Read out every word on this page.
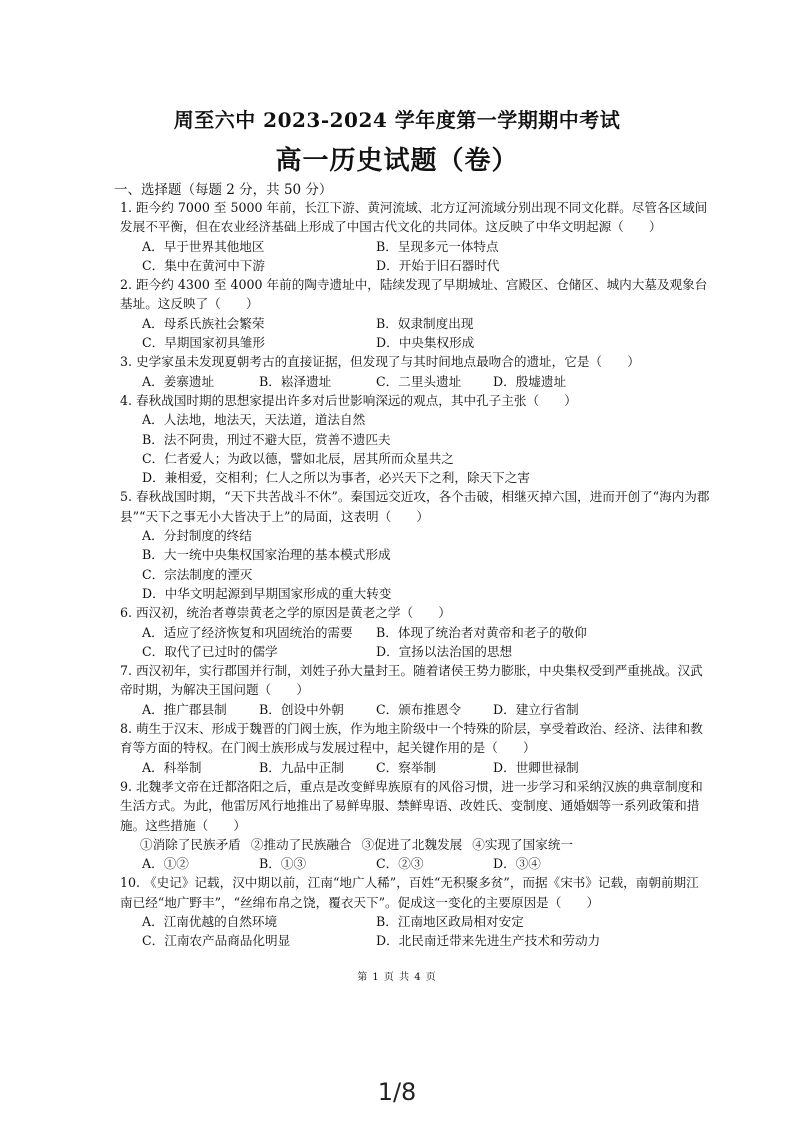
周至六中 2023-2024 学年度第一学期期中考试
高一历史试题（卷）
一、选择题（每题 2 分，共 50 分）
1. 距今约 7000 至 5000 年前，长江下游、黄河流域、北方辽河流域分别出现不同文化群。尽管各区域间发展不平衡，但在农业经济基础上形成了中国古代文化的共同体。这反映了中华文明起源（　　）
A．早于世界其他地区	B．呈现多元一体特点
C．集中在黄河中下游	D．开始于旧石器时代
2. 距今约 4300 至 4000 年前的陶寺遗址中，陆续发现了早期城址、宫殿区、仓储区、城内大墓及观象台基址。这反映了（　　）
A．母系氏族社会繁荣	B．奴隶制度出现
C．早期国家初具雏形	D．中央集权形成
3. 史学家虽未发现夏朝考古的直接证据，但发现了与其时间地点最吻合的遗址，它是（　　）
A．姜寨遗址	B．崧泽遗址	C．二里头遗址	D．殷墟遗址
4. 春秋战国时期的思想家提出许多对后世影响深远的观点，其中孔子主张（　　）
A．人法地，地法天，天法道，道法自然
B．法不阿贵，刑过不避大臣，赏善不遗匹夫
C．仁者爱人；为政以德，譬如北辰，居其所而众星共之
D．兼相爱，交相利；仁人之所以为事者，必兴天下之利，除天下之害
5. 春秋战国时期，“天下共苦战斗不休”。秦国远交近攻，各个击破，相继灭掉六国，进而开创了“海内为郡县”“天下之事无小大皆决于上”的局面，这表明（　　）
A．分封制度的终结
B．大一统中央集权国家治理的基本模式形成
C．宗法制度的湮灭
D．中华文明起源到早期国家形成的重大转变
6. 西汉初，统治者尊崇黄老之学的原因是黄老之学（　　）
A．适应了经济恢复和巩固统治的需要	B．体现了统治者对黄帝和老子的敬仰
C．取代了已过时的儒学	D．宣扬以法治国的思想
7. 西汉初年，实行郡国并行制，刘姓子孙大量封王。随着诸侯王势力膨胀，中央集权受到严重挑战。汉武帝时期，为解决王国问题（　　）
A．推广郡县制	B．创设中外朝	C．颁布推恩令	D．建立行省制
8. 萌生于汉末、形成于魏晋的门阀士族，作为地主阶级中一个特殊的阶层，享受着政治、经济、法律和教育等方面的特权。在门阀士族形成与发展过程中，起关键作用的是（　　）
A．科举制	B．九品中正制	C．察举制	D．世卿世禄制
9. 北魏孝文帝在迁都洛阳之后，重点是改变鲜卑族原有的风俗习惯，进一步学习和采纳汉族的典章制度和生活方式。为此，他雷厉风行地推出了易鲜卑服、禁鲜卑语、改姓氏、变制度、通婚姻等一系列政策和措施。这些措施（　　）
①消除了民族矛盾 ②推动了民族融合 ③促进了北魏发展 ④实现了国家统一
A．①②	B．①③	C．②③	D．③④
10. 《史记》记载，汉中期以前，江南“地广人稀”，百姓“无积聚多贫”，而据《宋书》记载，南朝前期江南已经“地广野丰”，“丝绵布帛之饶，覆衣天下”。促成这一变化的主要原因是（　　）
A．江南优越的自然环境	B．江南地区政局相对安定
C．江南农产品商品化明显	D．北民南迁带来先进生产技术和劳动力
第 1 页 共 4 页
1/8
